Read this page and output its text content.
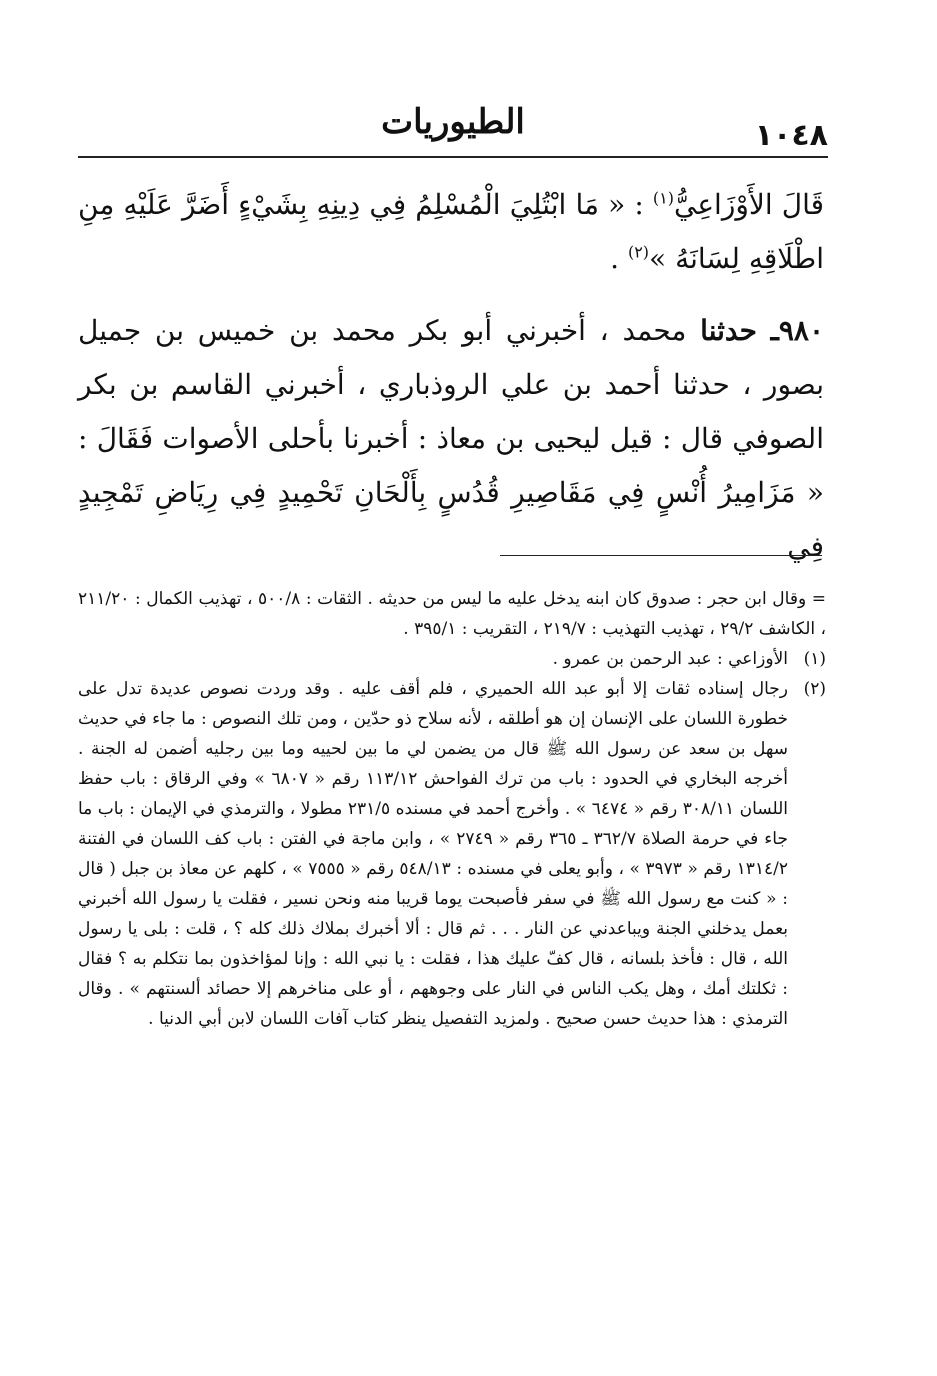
الطيوريات	١٠٤٨

قَالَ الأَوْزَاعِيُّ$^{(١)}$ : « مَا ابْتُلِيَ الْمُسْلِمُ فِي دِينِهِ بِشَيْءٍ أَضَرَّ عَلَيْهِ مِنِ اطْلَاقِهِ لِسَانَهُ »$^{(٢)}$ .

٩٨٠ـ حدثنا محمد ، أخبرني أبو بكر محمد بن خميس بن جميل بصور ، حدثنا أحمد بن علي الروذباري ، أخبرني القاسم بن بكر الصوفي قال : قيل ليحيى بن معاذ : أخبرنا بأحلى الأصوات فَقَالَ : « مَزَامِيرُ أُنْسٍ فِي مَقَاصِيرِ قُدُسٍ بِأَلْحَانِ تَحْمِيدٍ فِي رِيَاضِ تَمْجِيدٍ فِي

= وقال ابن حجر : صدوق كان ابنه يدخل عليه ما ليس من حديثه . الثقات : ٥٠٠/٨ ، تهذيب الكمال : ٢١١/٢٠ ، الكاشف ٢٩/٢ ، تهذيب التهذيب : ٢١٩/٧ ، التقريب : ٣٩٥/١ .

(١)
الأوزاعي : عبد الرحمن بن عمرو .

(٢)
رجال إسناده ثقات إلا أبو عبد الله الحميري ، فلم أقف عليه . وقد وردت نصوص عديدة تدل على خطورة اللسان على الإنسان إن هو أطلقه ، لأنه سلاح ذو حدّين ، ومن تلك النصوص : ما جاء في حديث سهل بن سعد عن رسول الله ﷺ قال من يضمن لي ما بين لحييه وما بين رجليه أضمن له الجنة . أخرجه البخاري في الحدود : باب من ترك الفواحش ١١٣/١٢ رقم « ٦٨٠٧ » وفي الرقاق : باب حفظ اللسان ٣٠٨/١١ رقم « ٦٤٧٤ » . وأخرج أحمد في مسنده ٢٣١/٥ مطولا ، والترمذي في الإيمان : باب ما جاء في حرمة الصلاة ٣٦٢/٧ ـ ٣٦٥ رقم « ٢٧٤٩ » ، وابن ماجة في الفتن : باب كف اللسان في الفتنة ١٣١٤/٢ رقم « ٣٩٧٣ » ، وأبو يعلى في مسنده : ٥٤٨/١٣ رقم « ٧٥٥٥ » ، كلهم عن معاذ بن جبل ( قال : « كنت مع رسول الله ﷺ في سفر فأصبحت يوما قريبا منه ونحن نسير ، فقلت يا رسول الله أخبرني بعمل يدخلني الجنة ويباعدني عن النار . . . ثم قال : ألا أخبرك بملاك ذلك كله ؟ ، قلت : بلى يا رسول الله ، قال : فأخذ بلسانه ، قال كفّ عليك هذا ، فقلت : يا نبي الله : وإنا لمؤاخذون بما نتكلم به ؟ فقال : ثكلتك أمك ، وهل يكب الناس في النار على وجوههم ، أو على مناخرهم إلا حصائد ألسنتهم » . وقال الترمذي : هذا حديث حسن صحيح . ولمزيد التفصيل ينظر كتاب آفات اللسان لابن أبي الدنيا .
